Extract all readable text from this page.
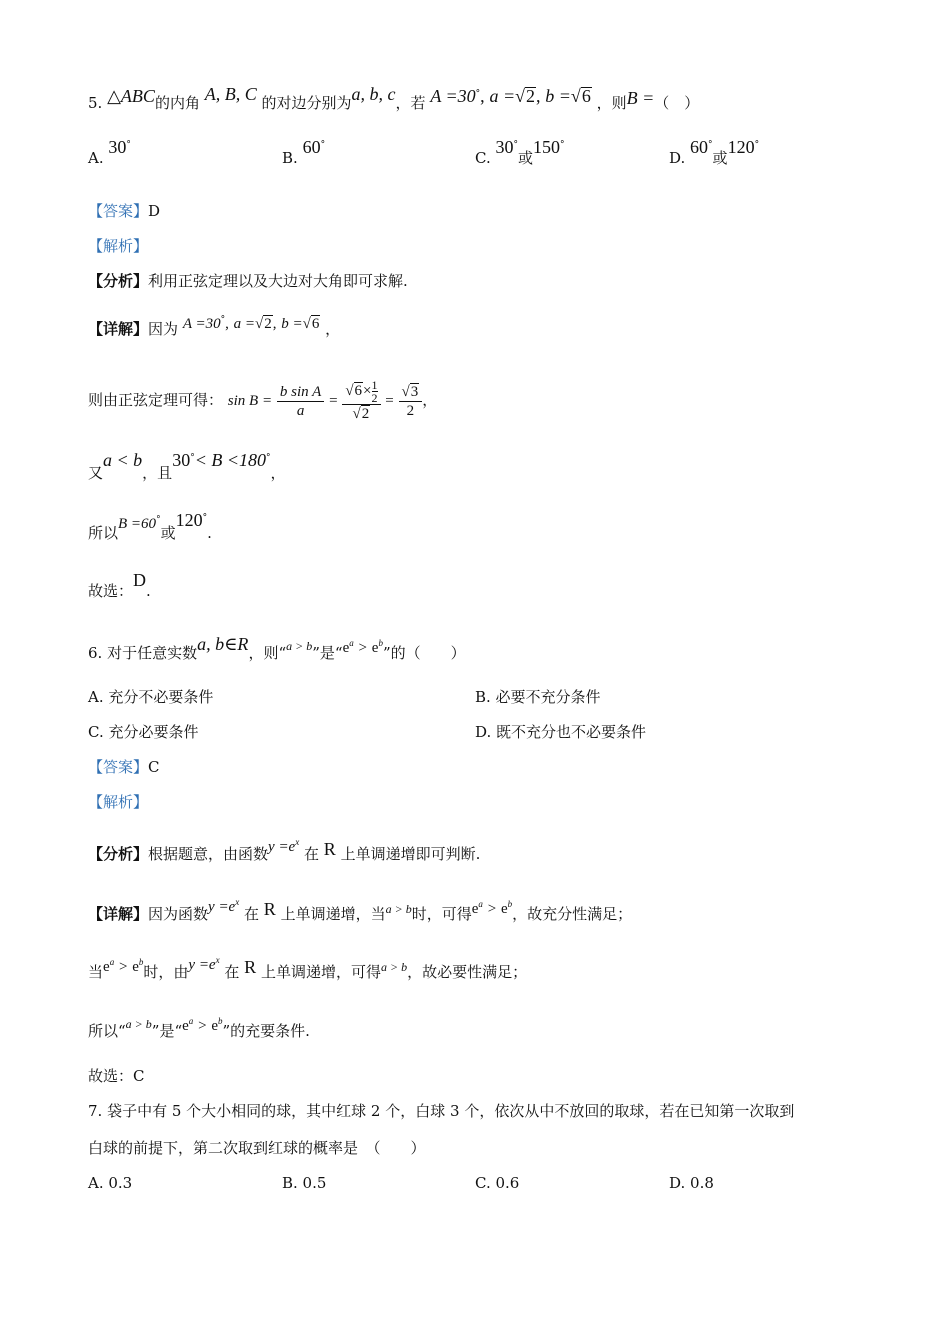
5. △ABC的内角 A, B, C 的对边分别为a, b, c，若 A =30°, a =√2, b =√6 ，则B =（　）
A. 30°
B. 60°
C. 30°或150°
D. 60°或120°
【答案】D
【解析】
【分析】利用正弦定理以及大边对大角即可求解.
【详解】因为 A =30°, a =√2, b =√6 ，
则由正弦定理可得： $\sin B = \frac{\text{b sin A}}{a} = \frac{√6\times \frac{1}{2}}{√2} = \frac{√3}{2}$ ，
又a < b，且30°< B <180°，
所以B =60°或120°.
故选：D.
6. 对于任意实数a, b∈R，则“$^{a > b}$”是“$e^a > e^b$”的（　　）
A. 充分不必要条件	B. 必要不充分条件
C. 充分必要条件	D. 既不充分也不必要条件
【答案】C
【解析】
【分析】根据题意，由函数$y =e^x$ 在 R 上单调递增即可判断.
【详解】因为函数$y =e^x$ 在 R 上单调递增，当$^{a > b}$时，可得$e^a > e^b$，故充分性满足；
当$e^a > e^b$时，由$y =e^x$ 在 R 上单调递增，可得$^{a > b}$，故必要性满足；
所以“$^{a > b}$”是“$e^a > e^b$”的充要条件.
故选：C
7. 袋子中有 5 个大小相同的球，其中红球 2 个，白球 3 个，依次从中不放回的取球，若在已知第一次取到
白球的前提下，第二次取到红球的概率是　（　　）
A. 0.3	B. 0.5	C. 0.6	D. 0.8
